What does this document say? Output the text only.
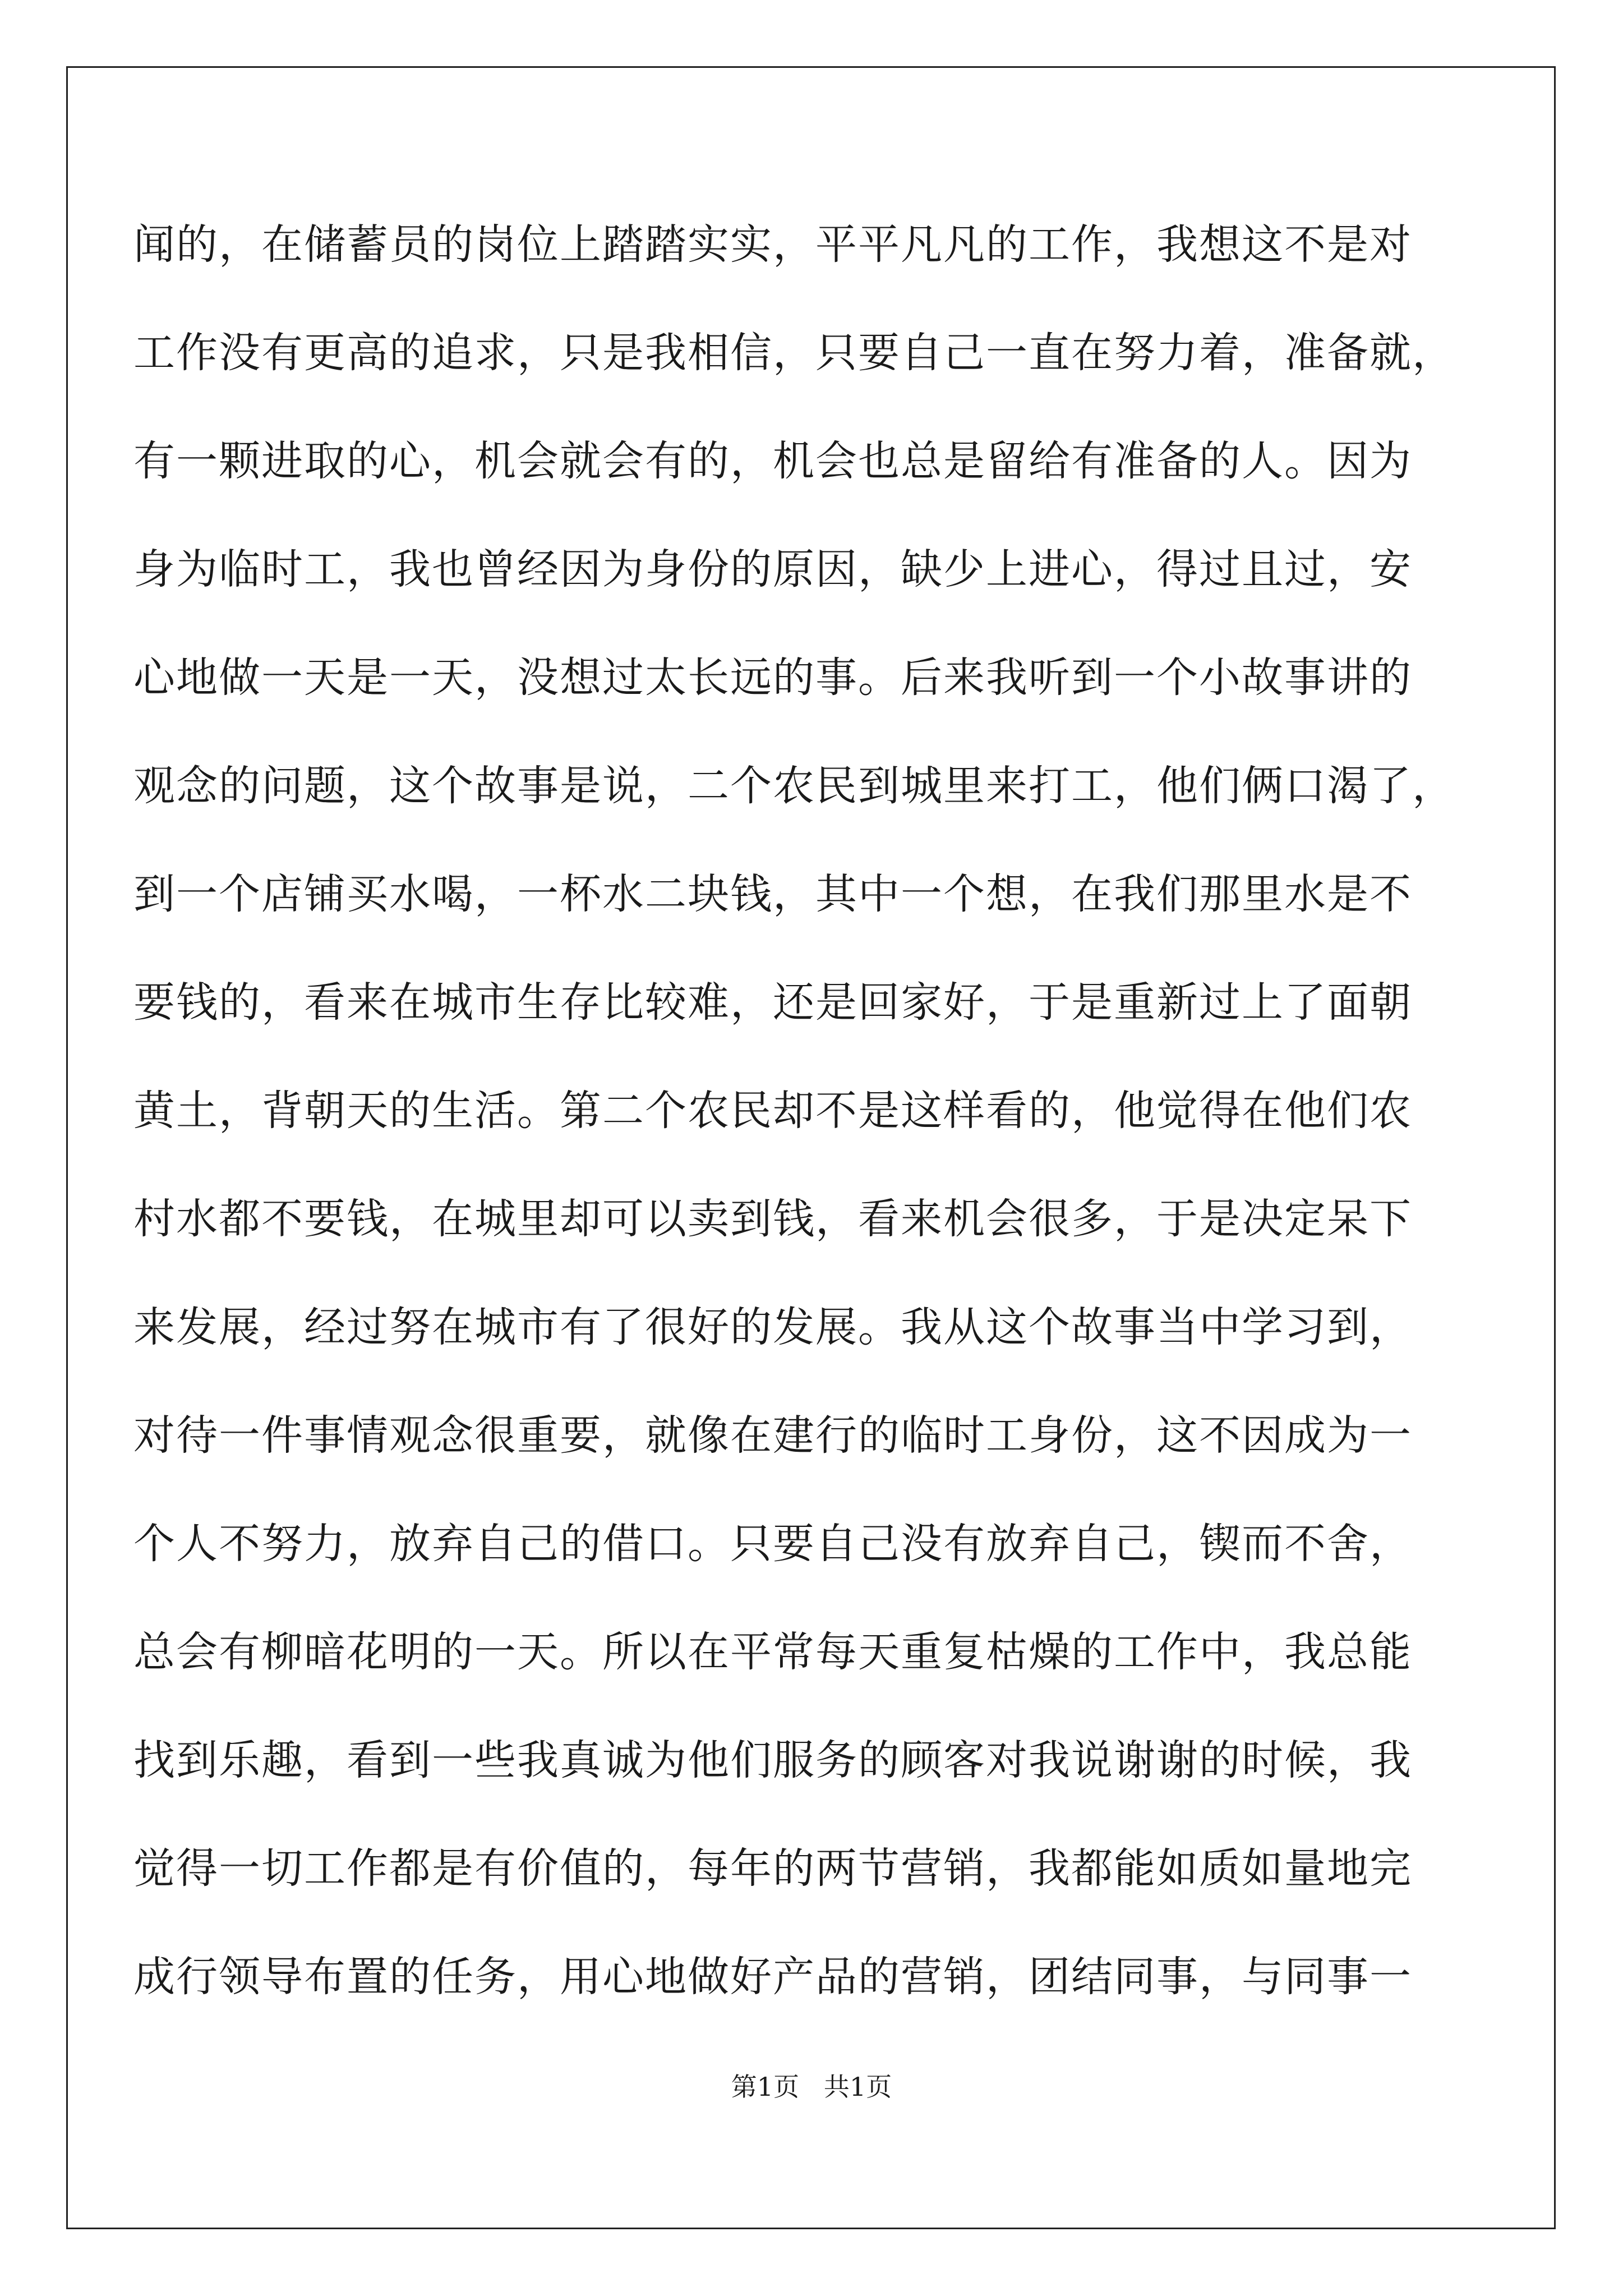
闻的，在储蓄员的岗位上踏踏实实，平平凡凡的工作，我想这不是对
工作没有更高的追求，只是我相信，只要自己一直在努力着，准备就，
有一颗进取的心，机会就会有的，机会也总是留给有准备的人。因为
身为临时工，我也曾经因为身份的原因，缺少上进心，得过且过，安
心地做一天是一天，没想过太长远的事。后来我听到一个小故事讲的
观念的问题，这个故事是说，二个农民到城里来打工，他们俩口渴了，
到一个店铺买水喝，一杯水二块钱，其中一个想，在我们那里水是不
要钱的，看来在城市生存比较难，还是回家好，于是重新过上了面朝
黄土，背朝天的生活。第二个农民却不是这样看的，他觉得在他们农
村水都不要钱，在城里却可以卖到钱，看来机会很多，于是决定呆下
来发展，经过努在城市有了很好的发展。我从这个故事当中学习到，
对待一件事情观念很重要，就像在建行的临时工身份，这不因成为一
个人不努力，放弃自己的借口。只要自己没有放弃自己，锲而不舍，
总会有柳暗花明的一天。所以在平常每天重复枯燥的工作中，我总能
找到乐趣，看到一些我真诚为他们服务的顾客对我说谢谢的时候，我
觉得一切工作都是有价值的，每年的两节营销，我都能如质如量地完
成行领导布置的任务，用心地做好产品的营销，团结同事，与同事一
第1页   共1页
